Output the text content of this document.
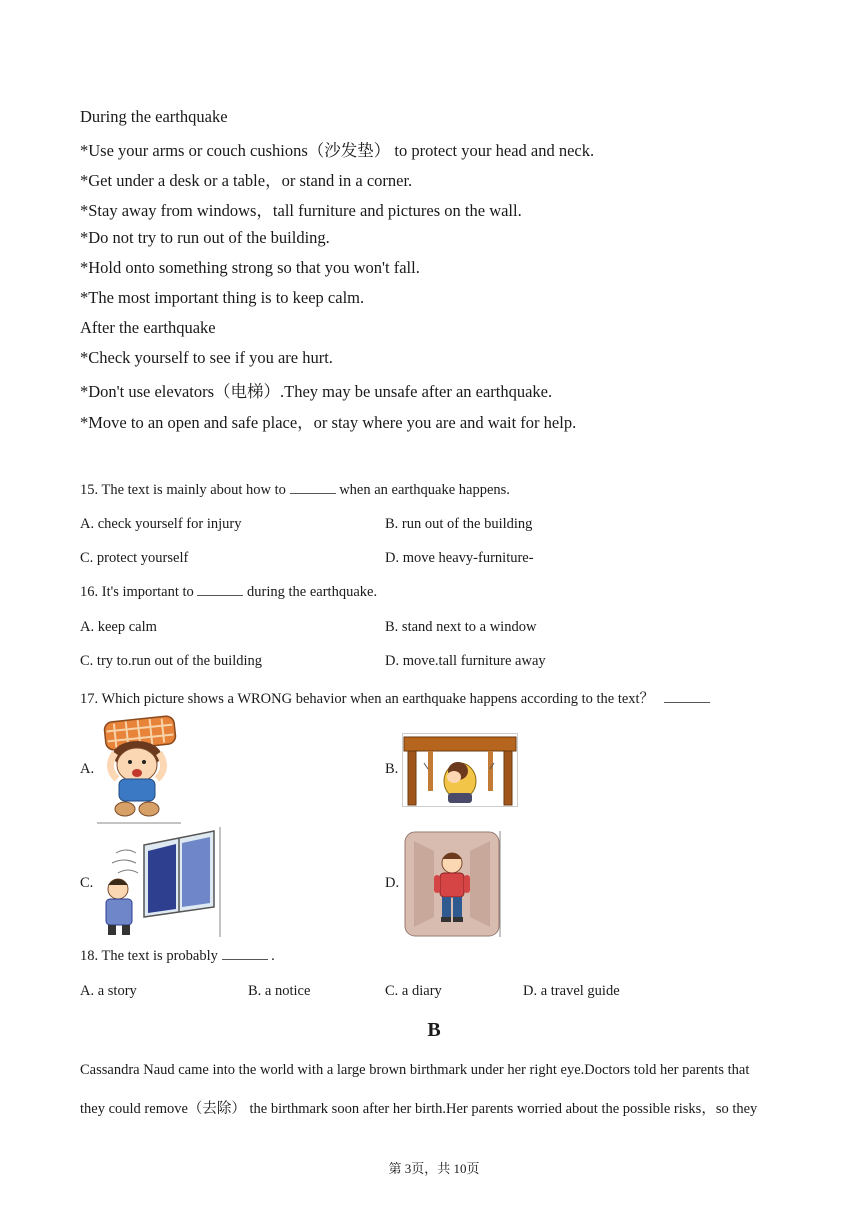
During the earthquake
*Use your arms or couch cushions（沙发垫） to protect your head and neck.
*Get under a desk or a table，or stand in a corner.
*Stay away from windows，tall furniture and pictures on the wall.
*Do not try to run out of the building.
*Hold onto something strong so that you won't fall.
*The most important thing is to keep calm.
After the earthquake
*Check yourself to see if you are hurt.
*Don't use elevators（电梯）.They may be unsafe after an earthquake.
*Move to an open and safe place，or stay where you are and wait for help.
15. The text is mainly about how to	when an earthquake happens.
A. check yourself for injury	B. run out of the building
C. protect yourself	D. move heavy-furniture-
16. It's important to	during the earthquake.
A. keep calm	B. stand next to a window
C. try to.run out of the building	D. move.tall furniture away
17. Which picture shows a WRONG behavior when an earthquake happens according to the text？
A.	B.
C.	D.
18. The text is probably	.
A. a story	B. a notice	C. a diary	D. a travel guide
B
Cassandra Naud came into the world with a large brown birthmark under her right eye.Doctors told her parents that
they could remove（去除） the birthmark soon after her birth.Her parents worried about the possible risks，so they
第 3页，共 10页
